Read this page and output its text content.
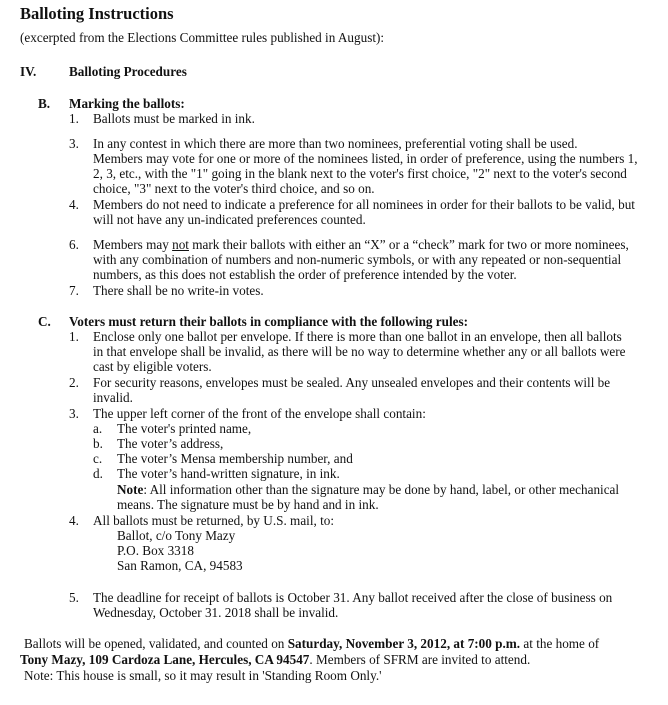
Balloting Instructions
(excerpted from the Elections Committee rules published in August):
IV. Balloting Procedures
B. Marking the ballots:
1. Ballots must be marked in ink.
3. In any contest in which there are more than two nominees, preferential voting shall be used.
Members may vote for one or more of the nominees listed, in order of preference, using the numbers 1,
2, 3, etc., with the "1" going in the blank next to the voter's first choice, "2" next to the voter's second
choice, "3" next to the voter's third choice, and so on.
4. Members do not need to indicate a preference for all nominees in order for their ballots to be valid, but
will not have any un-indicated preferences counted.
6. Members may not mark their ballots with either an “X” or a “check” mark for two or more nominees,
with any combination of numbers and non-numeric symbols, or with any repeated or non-sequential
numbers, as this does not establish the order of preference intended by the voter.
7. There shall be no write-in votes.
C. Voters must return their ballots in compliance with the following rules:
1. Enclose only one ballot per envelope. If there is more than one ballot in an envelope, then all ballots
in that envelope shall be invalid, as there will be no way to determine whether any or all ballots were
cast by eligible voters.
2. For security reasons, envelopes must be sealed. Any unsealed envelopes and their contents will be
invalid.
3. The upper left corner of the front of the envelope shall contain:
a. The voter's printed name,
b. The voter’s address,
c. The voter’s Mensa membership number, and
d. The voter’s hand-written signature, in ink.
Note: All information other than the signature may be done by hand, label, or other mechanical
means. The signature must be by hand and in ink.
4. All ballots must be returned, by U.S. mail, to:
Ballot, c/o Tony Mazy
P.O. Box 3318
San Ramon, CA, 94583
5. The deadline for receipt of ballots is October 31. Any ballot received after the close of business on
Wednesday, October 31. 2018 shall be invalid.
Ballots will be opened, validated, and counted on Saturday, November 3, 2012, at 7:00 p.m. at the home of
Tony Mazy, 109 Cardoza Lane, Hercules, CA 94547. Members of SFRM are invited to attend.
Note: This house is small, so it may result in 'Standing Room Only.'
